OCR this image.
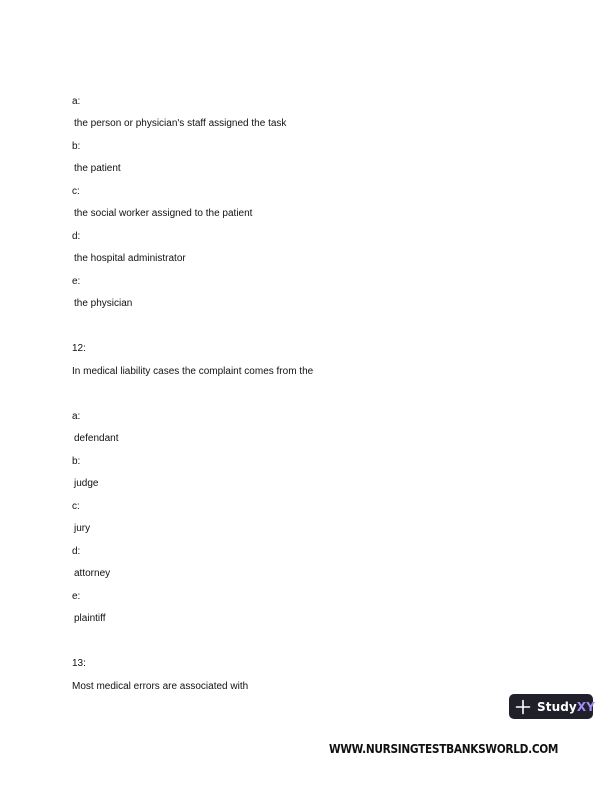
a:
the person or physician's staff assigned the task
b:
the patient
c:
the social worker assigned to the patient
d:
the hospital administrator
e:
the physician
12:
In medical liability cases the complaint comes from the
a:
defendant
b:
judge
c:
jury
d:
attorney
e:
plaintiff
13:
Most medical errors are associated with
StudyXY
WWW.NURSINGTESTBANKSWORLD.COM
